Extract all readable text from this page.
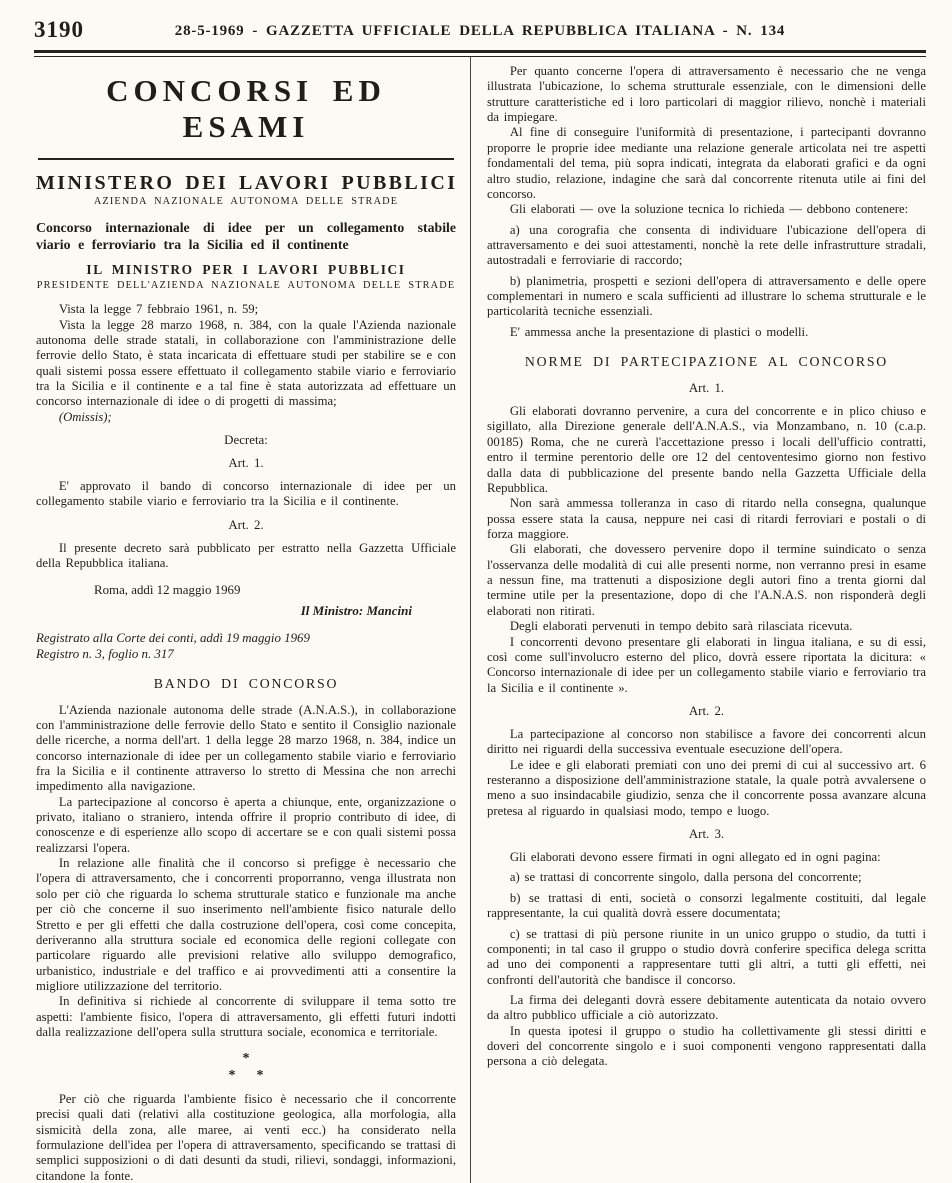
3190	28-5-1969 - GAZZETTA UFFICIALE DELLA REPUBBLICA ITALIANA - N. 134

CONCORSI ED ESAMI

MINISTERO DEI LAVORI PUBBLICI

AZIENDA NAZIONALE AUTONOMA DELLE STRADE

Concorso internazionale di idee per un collegamento stabile viario e ferroviario tra la Sicilia ed il continente

IL MINISTRO PER I LAVORI PUBBLICI

PRESIDENTE DELL'AZIENDA NAZIONALE AUTONOMA DELLE STRADE

Vista la legge 7 febbraio 1961, n. 59;

Vista la legge 28 marzo 1968, n. 384, con la quale l'Azienda nazionale autonoma delle strade statali, in collaborazione con l'amministrazione delle ferrovie dello Stato, è stata incaricata di effettuare studi per stabilire se e con quali sistemi possa essere effettuato il collegamento stabile viario e ferroviario tra la Sicilia e il continente e a tal fine è stata autorizzata ad effettuare un concorso internazionale di idee o di progetti di massima;

(Omissis);

Decreta:

Art. 1.

E' approvato il bando di concorso internazionale di idee per un collegamento stabile viario e ferroviario tra la Sicilia e il continente.

Art. 2.

Il presente decreto sarà pubblicato per estratto nella Gazzetta Ufficiale della Repubblica italiana.

Roma, addì 12 maggio 1969

Il Ministro: Mancini

Registrato alla Corte dei conti, addì 19 maggio 1969

Registro n. 3, foglio n. 317

BANDO DI CONCORSO

L'Azienda nazionale autonoma delle strade (A.N.A.S.), in collaborazione con l'amministrazione delle ferrovie dello Stato e sentito il Consiglio nazionale delle ricerche, a norma dell'art. 1 della legge 28 marzo 1968, n. 384, indice un concorso internazionale di idee per un collegamento stabile viario e ferroviario fra la Sicilia e il continente attraverso lo stretto di Messina che non arrechi impedimento alla navigazione.

La partecipazione al concorso è aperta a chiunque, ente, organizzazione o privato, italiano o straniero, intenda offrire il proprio contributo di idee, di conoscenze e di esperienze allo scopo di accertare se e con quali sistemi possa realizzarsi l'opera.

In relazione alle finalità che il concorso si prefigge è necessario che l'opera di attraversamento, che i concorrenti proporranno, venga illustrata non solo per ciò che riguarda lo schema strutturale statico e funzionale ma anche per ciò che concerne il suo inserimento nell'ambiente fisico naturale dello Stretto e per gli effetti che dalla costruzione dell'opera, così come concepita, deriveranno alla struttura sociale ed economica delle regioni collegate con particolare riguardo alle previsioni relative allo sviluppo demografico, urbanistico, industriale e del traffico e ai provvedimenti atti a consentire la migliore utilizzazione del territorio.

In definitiva si richiede al concorrente di sviluppare il tema sotto tre aspetti: l'ambiente fisico, l'opera di attraversamento, gli effetti futuri indotti dalla realizzazione dell'opera sulla struttura sociale, economica e territoriale.

*
*      *

Per ciò che riguarda l'ambiente fisico è necessario che il concorrente precisi quali dati (relativi alla costituzione geologica, alla morfologia, alla sismicità della zona, alle maree, ai venti ecc.) ha considerato nella formulazione dell'idea per l'opera di attraversamento, specificando se trattasi di semplici supposizioni o di dati desunti da studi, rilievi, sondaggi, informazioni, citandone la fonte.

Per quanto concerne l'opera di attraversamento è necessario che ne venga illustrata l'ubicazione, lo schema strutturale essenziale, con le dimensioni delle strutture caratteristiche ed i loro particolari di maggior rilievo, nonchè i materiali da impiegare.

Al fine di conseguire l'uniformità di presentazione, i partecipanti dovranno proporre le proprie idee mediante una relazione generale articolata nei tre aspetti fondamentali del tema, più sopra indicati, integrata da elaborati grafici e da ogni altro studio, relazione, indagine che sarà dal concorrente ritenuta utile ai fini del concorso.

Gli elaborati — ove la soluzione tecnica lo richieda — debbono contenere:

a) una corografia che consenta di individuare l'ubicazione dell'opera di attraversamento e dei suoi attestamenti, nonchè la rete delle infrastrutture stradali, autostradali e ferroviarie di raccordo;

b) planimetria, prospetti e sezioni dell'opera di attraversamento e delle opere complementari in numero e scala sufficienti ad illustrare lo schema strutturale e le particolarità tecniche essenziali.

E' ammessa anche la presentazione di plastici o modelli.

NORME DI PARTECIPAZIONE AL CONCORSO

Art. 1.

Gli elaborati dovranno pervenire, a cura del concorrente e in plico chiuso e sigillato, alla Direzione generale dell'A.N.A.S., via Monzambano, n. 10 (c.a.p. 00185) Roma, che ne curerà l'accettazione presso i locali dell'ufficio contratti, entro il termine perentorio delle ore 12 del centoventesimo giorno non festivo dalla data di pubblicazione del presente bando nella Gazzetta Ufficiale della Repubblica.

Non sarà ammessa tolleranza in caso di ritardo nella consegna, qualunque possa essere stata la causa, neppure nei casi di ritardi ferroviari e postali o di forza maggiore.

Gli elaborati, che dovessero pervenire dopo il termine suindicato o senza l'osservanza delle modalità di cui alle presenti norme, non verranno presi in esame a nessun fine, ma trattenuti a disposizione degli autori fino a trenta giorni dal termine utile per la presentazione, dopo di che l'A.N.A.S. non risponderà degli elaborati non ritirati.

Degli elaborati pervenuti in tempo debito sarà rilasciata ricevuta.

I concorrenti devono presentare gli elaborati in lingua italiana, e su di essi, così come sull'involucro esterno del plico, dovrà essere riportata la dicitura: « Concorso internazionale di idee per un collegamento stabile viario e ferroviario tra la Sicilia e il continente ».

Art. 2.

La partecipazione al concorso non stabilisce a favore dei concorrenti alcun diritto nei riguardi della successiva eventuale esecuzione dell'opera.

Le idee e gli elaborati premiati con uno dei premi di cui al successivo art. 6 resteranno a disposizione dell'amministrazione statale, la quale potrà avvalersene o meno a suo insindacabile giudizio, senza che il concorrente possa avanzare alcuna pretesa al riguardo in qualsiasi modo, tempo e luogo.

Art. 3.

Gli elaborati devono essere firmati in ogni allegato ed in ogni pagina:

a) se trattasi di concorrente singolo, dalla persona del concorrente;

b) se trattasi di enti, società o consorzi legalmente costituiti, dal legale rappresentante, la cui qualità dovrà essere documentata;

c) se trattasi di più persone riunite in un unico gruppo o studio, da tutti i componenti; in tal caso il gruppo o studio dovrà conferire specifica delega scritta ad uno dei componenti a rappresentare tutti gli altri, a tutti gli effetti, nei confronti dell'autorità che bandisce il concorso.

La firma dei deleganti dovrà essere debitamente autenticata da notaio ovvero da altro pubblico ufficiale a ciò autorizzato.

In questa ipotesi il gruppo o studio ha collettivamente gli stessi diritti e doveri del concorrente singolo e i suoi componenti vengono rappresentati dalla persona a ciò delegata.
